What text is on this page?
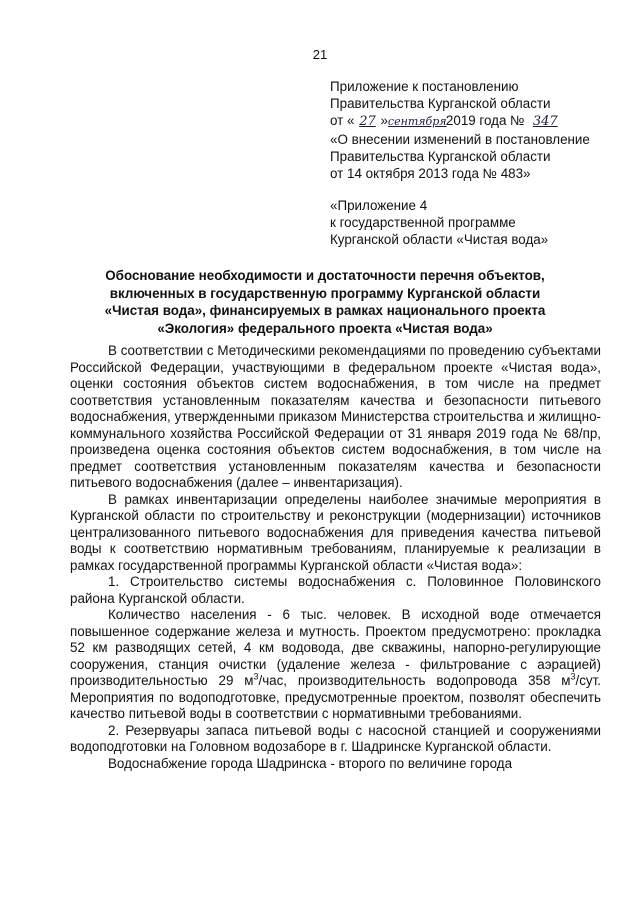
21
Приложение к постановлению
Правительства Курганской области
от « 27 »сентября2019 года № 347
«О внесении изменений в постановление
Правительства Курганской области
от 14 октября 2013 года № 483»
«Приложение 4
к государственной программе
Курганской области «Чистая вода»
Обоснование необходимости и достаточности перечня объектов,
включенных в государственную программу Курганской области
«Чистая вода», финансируемых в рамках национального проекта
«Экология» федерального проекта «Чистая вода»

В соответствии с Методическими рекомендациями по проведению субъектами Российской Федерации, участвующими в федеральном проекте «Чистая вода», оценки состояния объектов систем водоснабжения, в том числе на предмет соответствия установленным показателям качества и безопасности питьевого водоснабжения, утвержденными приказом Министерства строительства и жилищно-коммунального хозяйства Российской Федерации от 31 января 2019 года № 68/пр, произведена оценка состояния объектов систем водоснабжения, в том числе на предмет соответствия установленным показателям качества и безопасности питьевого водоснабжения (далее – инвентаризация).

В рамках инвентаризации определены наиболее значимые мероприятия в Курганской области по строительству и реконструкции (модернизации) источников централизованного питьевого водоснабжения для приведения качества питьевой воды к соответствию нормативным требованиям, планируемые к реализации в рамках государственной программы Курганской области «Чистая вода»:

1. Строительство системы водоснабжения с. Половинное Половинского района Курганской области.

Количество населения - 6 тыс. человек. В исходной воде отмечается повышенное содержание железа и мутность. Проектом предусмотрено: прокладка 52 км разводящих сетей, 4 км водовода, две скважины, напорно-регулирующие сооружения, станция очистки (удаление железа - фильтрование с аэрацией) производительностью 29 $м^3$/час, производительность водопровода 358 $м^3$/сут. Мероприятия по водоподготовке, предусмотренные проектом, позволят обеспечить качество питьевой воды в соответствии с нормативными требованиями.

2. Резервуары запаса питьевой воды с насосной станцией и сооружениями водоподготовки на Головном водозаборе в г. Шадринске Курганской области.

Водоснабжение города Шадринска - второго по величине города
